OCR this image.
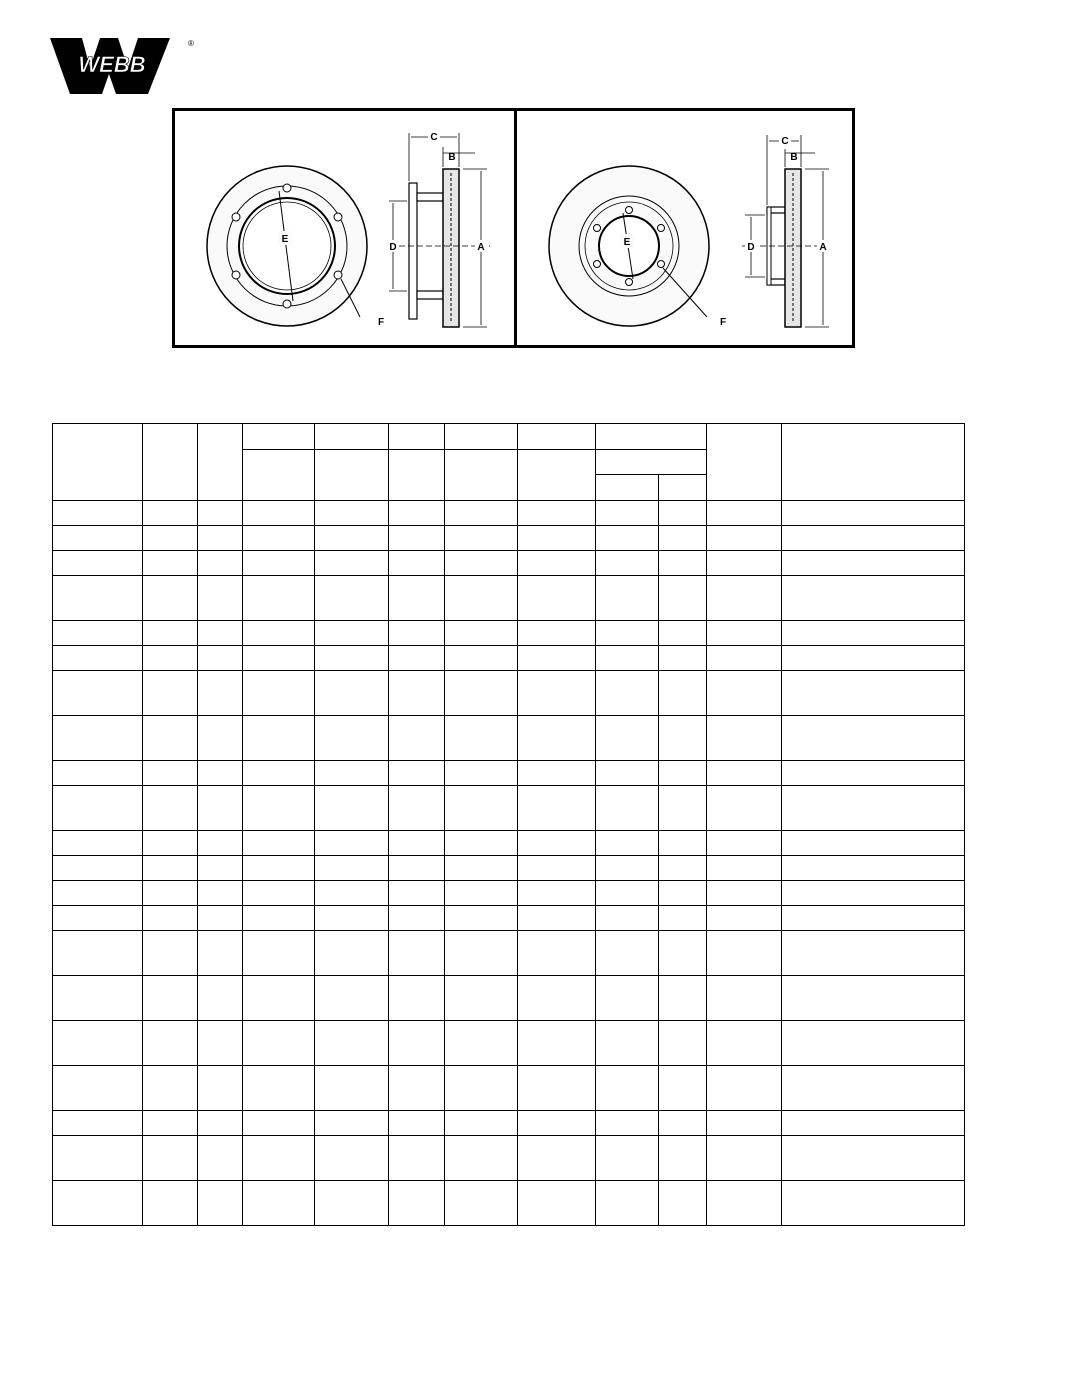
WEBB
®
E
F
C
B
A
D	E
F
C
B
A
D
